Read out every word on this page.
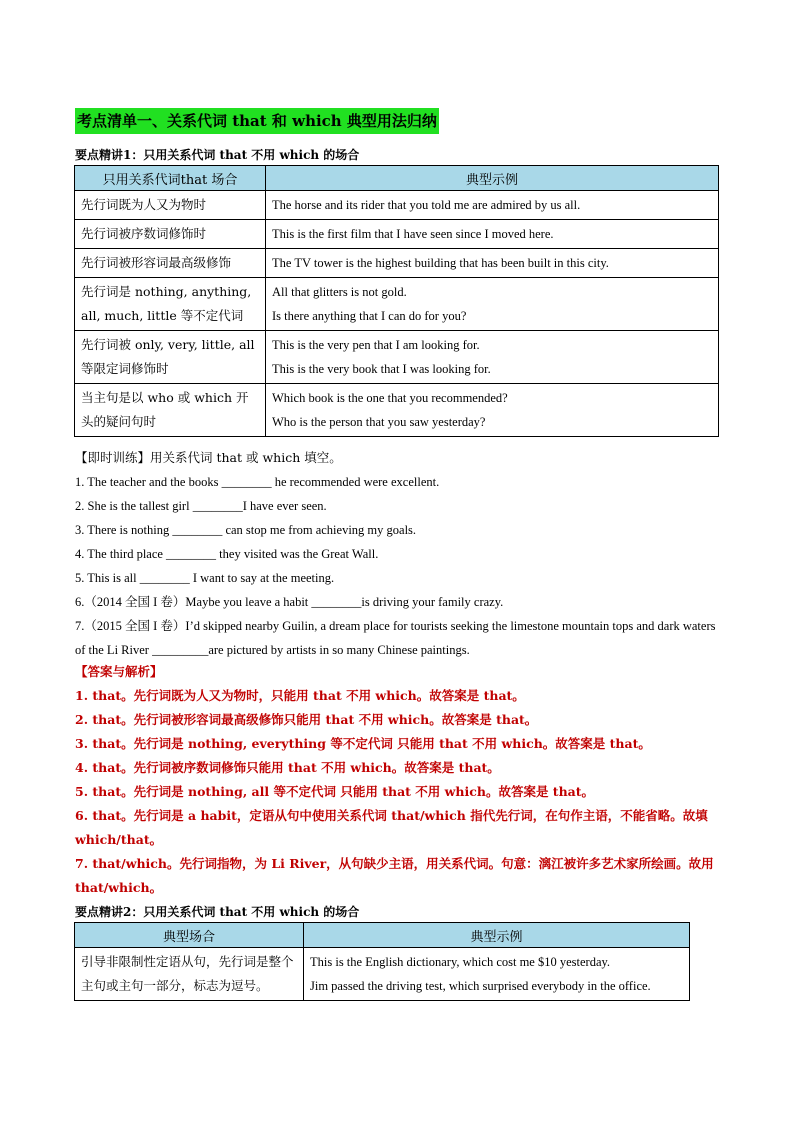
考点清单一、关系代词 that 和 which 典型用法归纳
要点精讲1：只用关系代词 that 不用 which 的场合
只用关系代词that 场合	典型示例
先行词既为人又为物时	The horse and its rider that you told me are admired by us all.
先行词被序数词修饰时	This is the first film that I have seen since I moved here.
先行词被形容词最高级修饰	The TV tower is the highest building that has been built in this city.
先行词是 nothing, anything, all, much, little 等不定代词	All that glitters is not gold.
Is there anything that I can do for you?

先行词被 only, very, little, all 等限定词修饰时	This is the very pen that I am looking for.
This is the very book that I was looking for.

当主句是以 who 或 which 开头的疑问句时	Which book is the one that you recommended?
Who is the person that you saw yesterday?
【即时训练】用关系代词 that 或 which 填空。
1. The teacher and the books ________ he recommended were excellent.
2. She is the tallest girl ________I have ever seen.
3. There is nothing ________ can stop me from achieving my goals.
4. The third place ________ they visited was the Great Wall.
5. This is all ________ I want to say at the meeting.
6.（2014 全国 I 卷）Maybe you leave a habit ________is driving your family crazy.
7.（2015 全国 I 卷）I’d skipped nearby Guilin, a dream place for tourists seeking the limestone mountain tops and dark waters of the Li River _________are pictured by artists in so many Chinese paintings.
【答案与解析】
1. that。先行词既为人又为物时，只能用 that 不用 which。故答案是 that。
2. that。先行词被形容词最高级修饰只能用 that 不用 which。故答案是 that。
3. that。先行词是 nothing, everything 等不定代词 只能用 that 不用 which。故答案是 that。
4. that。先行词被序数词修饰只能用 that 不用 which。故答案是 that。
5. that。先行词是 nothing, all 等不定代词 只能用 that 不用 which。故答案是 that。
6. that。先行词是 a habit，定语从句中使用关系代词 that/which 指代先行词，在句作主语，不能省略。故填 which/that。
7. that/which。先行词指物，为 Li River，从句缺少主语，用关系代词。句意：漓江被许多艺术家所绘画。故用 that/which。
要点精讲2：只用关系代词 that 不用 which 的场合
典型场合	典型示例
引导非限制性定语从句，先行词是整个主句或主句一部分，标志为逗号。	This is the English dictionary, which cost me $10 yesterday.
Jim passed the driving test, which surprised everybody in the office.
